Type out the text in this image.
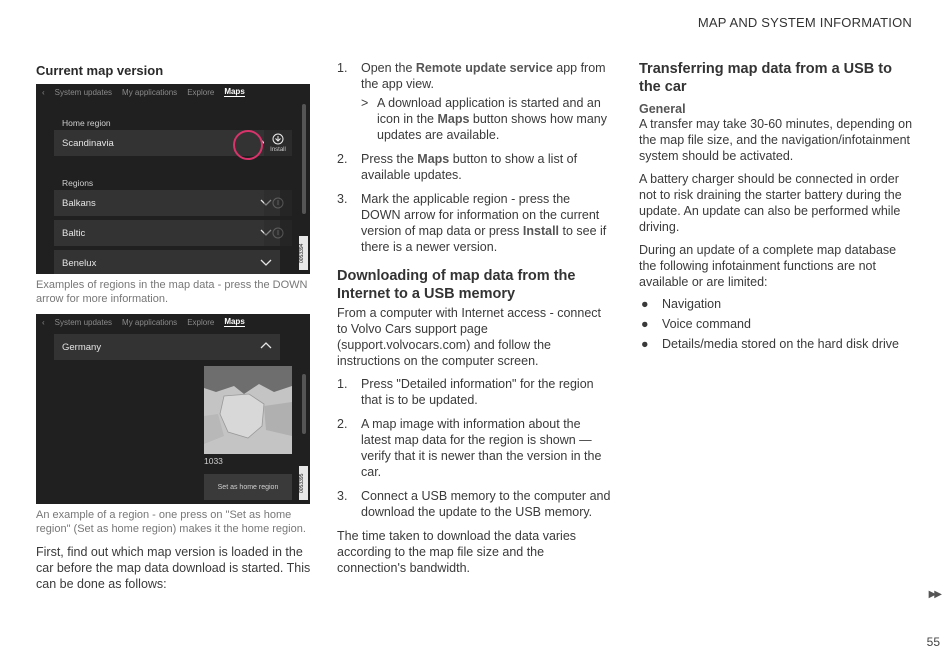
MAP AND SYSTEM INFORMATION
Current map version
‹ System updates My applications Explore Maps
Home region
Scandinavia
Install
Regions
Balkans
Baltic
Benelux
0053394
Examples of regions in the map data - press the DOWN arrow for more information.
‹ System updates My applications Explore Maps
Germany
1033
Set as home region	0053395
An example of a region - one press on "Set as home region" (Set as home region) makes it the home region.
First, find out which map version is loaded in the car before the map data download is started. This can be done as follows:
1. Open the Remote update service app from the app view.
> A download application is started and an icon in the Maps button shows how many updates are available.
2. Press the Maps button to show a list of available updates.
3. Mark the applicable region - press the DOWN arrow for information on the current version of map data or press Install to see if there is a newer version.
Downloading of map data from the Internet to a USB memory
From a computer with Internet access - connect to Volvo Cars support page (support.volvocars.com) and follow the instructions on the computer screen.
1. Press "Detailed information" for the region that is to be updated.
2. A map image with information about the latest map data for the region is shown — verify that it is newer than the version in the car.
3. Connect a USB memory to the computer and download the update to the USB memory.
The time taken to download the data varies according to the map file size and the connection's bandwidth.
Transferring map data from a USB to the car
General
A transfer may take 30-60 minutes, depending on the map file size, and the navigation/infotainment system should be activated.
A battery charger should be connected in order not to risk draining the starter battery during the update. An update can also be performed while driving.
During an update of a complete map database the following infotainment functions are not available or are limited:
● Navigation
● Voice command
● Details/media stored on the hard disk drive
▶▶
55
